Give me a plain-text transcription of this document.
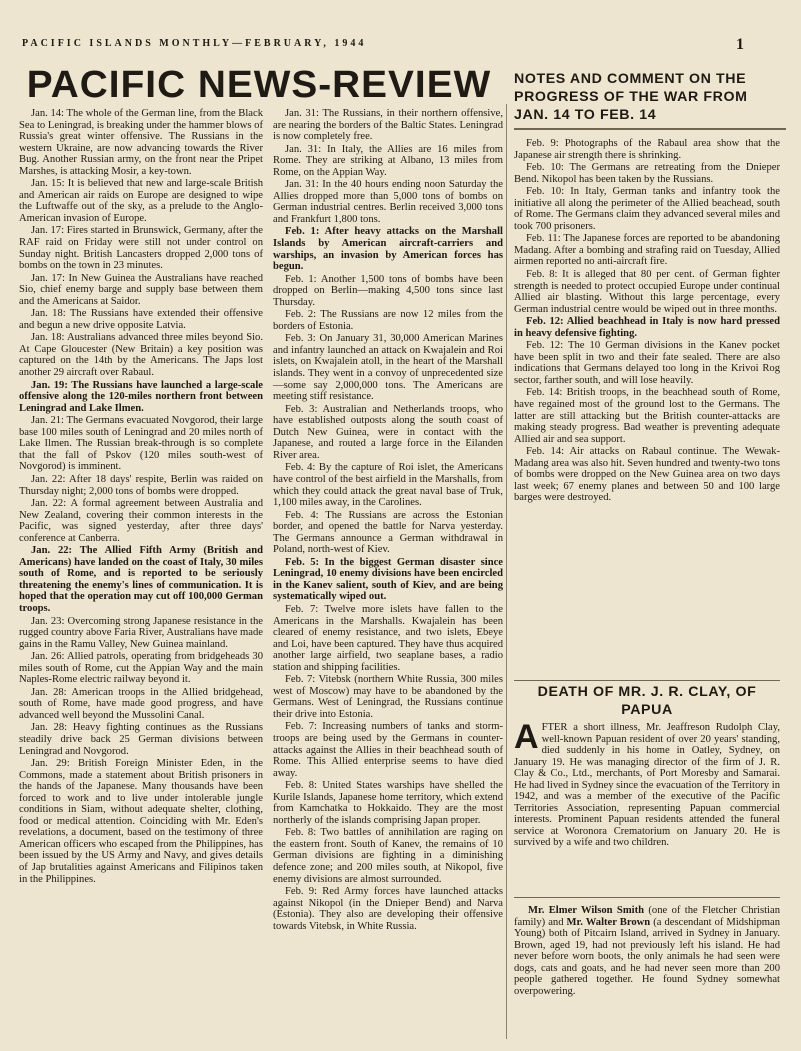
PACIFIC ISLANDS MONTHLY—FEBRUARY, 1944	1
PACIFIC NEWS-REVIEW	NOTES AND COMMENT ON THE PROGRESS OF THE WAR FROM JAN. 14 TO FEB. 14

Jan. 14: The whole of the German line, from the Black Sea to Leningrad, is breaking under the hammer blows of Russia's great winter offensive. The Russians in the western Ukraine, are now advancing towards the River Bug. Another Russian army, on the front near the Pripet Marshes, is attacking Mosir, a key-town.

Jan. 15: It is believed that new and large-scale British and American air raids on Europe are designed to wipe the Luftwaffe out of the sky, as a prelude to the Anglo-American invasion of Europe.

Jan. 17: Fires started in Brunswick, Germany, after the RAF raid on Friday were still not under control on Sunday night. British Lancasters dropped 2,000 tons of bombs on the town in 23 minutes.

Jan. 17: In New Guinea the Australians have reached Sio, chief enemy barge and supply base between them and the Americans at Saidor.

Jan. 18: The Russians have extended their offensive and begun a new drive opposite Latvia.

Jan. 18: Australians advanced three miles beyond Sio. At Cape Gloucester (New Britain) a key position was captured on the 14th by the Americans. The Japs lost another 29 aircraft over Rabaul.

Jan. 19: The Russians have launched a large-scale offensive along the 120-miles northern front between Leningrad and Lake Ilmen.

Jan. 21: The Germans evacuated Novgorod, their large base 100 miles south of Leningrad and 20 miles north of Lake Ilmen. The Russian break-through is so complete that the fall of Pskov (120 miles south-west of Novgorod) is imminent.

Jan. 22: After 18 days' respite, Berlin was raided on Thursday night; 2,000 tons of bombs were dropped.

Jan. 22: A formal agreement between Australia and New Zealand, covering their common interests in the Pacific, was signed yesterday, after three days' conference at Canberra.

Jan. 22: The Allied Fifth Army (British and Americans) have landed on the coast of Italy, 30 miles south of Rome, and is reported to be seriously threatening the enemy's lines of communication. It is hoped that the operation may cut off 100,000 German troops.

Jan. 23: Overcoming strong Japanese resistance in the rugged country above Faria River, Australians have made gains in the Ramu Valley, New Guinea mainland.

Jan. 26: Allied patrols, operating from bridgeheads 30 miles south of Rome, cut the Appian Way and the main Naples-Rome electric railway beyond it.

Jan. 28: American troops in the Allied bridgehead, south of Rome, have made good progress, and have advanced well beyond the Mussolini Canal.

Jan. 28: Heavy fighting continues as the Russians steadily drive back 25 German divisions between Leningrad and Novgorod.

Jan. 29: British Foreign Minister Eden, in the Commons, made a statement about British prisoners in the hands of the Japanese. Many thousands have been forced to work and to live under intolerable jungle conditions in Siam, without adequate shelter, clothing, food or medical attention. Coinciding with Mr. Eden's revelations, a document, based on the testimony of three American officers who escaped from the Philippines, has been issued by the US Army and Navy, and gives details of Jap brutalities against Americans and Filipinos taken in the Philippines.

Jan. 31: The Russians, in their northern offensive, are nearing the borders of the Baltic States. Leningrad is now completely free.

Jan. 31: In Italy, the Allies are 16 miles from Rome. They are striking at Albano, 13 miles from Rome, on the Appian Way.

Jan. 31: In the 40 hours ending noon Saturday the Allies dropped more than 5,000 tons of bombs on German industrial centres. Berlin received 3,000 tons and Frankfurt 1,800 tons.

Feb. 1: After heavy attacks on the Marshall Islands by American aircraft-carriers and warships, an invasion by American forces has begun.

Feb. 1: Another 1,500 tons of bombs have been dropped on Berlin—making 4,500 tons since last Thursday.

Feb. 2: The Russians are now 12 miles from the borders of Estonia.

Feb. 3: On January 31, 30,000 American Marines and infantry launched an attack on Kwajalein and Roi islets, on Kwajalein atoll, in the heart of the Marshall islands. They went in a convoy of unprecedented size—some say 2,000,000 tons. The Americans are meeting stiff resistance.

Feb. 3: Australian and Netherlands troops, who have established outposts along the south coast of Dutch New Guinea, were in contact with the Japanese, and routed a large force in the Eilanden River area.

Feb. 4: By the capture of Roi islet, the Americans have control of the best airfield in the Marshalls, from which they could attack the great naval base of Truk, 1,100 miles away, in the Carolines.

Feb. 4: The Russians are across the Estonian border, and opened the battle for Narva yesterday. The Germans announce a German withdrawal in Poland, north-west of Kiev.

Feb. 5: In the biggest German disaster since Leningrad, 10 enemy divisions have been encircled in the Kanev salient, south of Kiev, and are being systematically wiped out.

Feb. 7: Twelve more islets have fallen to the Americans in the Marshalls. Kwajalein has been cleared of enemy resistance, and two islets, Ebeye and Loi, have been captured. They have thus acquired another large airfield, two seaplane bases, a radio station and shipping facilities.

Feb. 7: Vitebsk (northern White Russia, 300 miles west of Moscow) may have to be abandoned by the Germans. West of Leningrad, the Russians continue their drive into Estonia.

Feb. 7: Increasing numbers of tanks and storm-troops are being used by the Germans in counter-attacks against the Allies in their beachhead south of Rome. This Allied enterprise seems to have died away.

Feb. 8: United States warships have shelled the Kurile Islands, Japanese home territory, which extend from Kamchatka to Hokkaido. They are the most northerly of the islands comprising Japan proper.

Feb. 8: Two battles of annihilation are raging on the eastern front. South of Kanev, the remains of 10 German divisions are fighting in a diminishing defence zone; and 200 miles south, at Nikopol, five enemy divisions are almost surrounded.

Feb. 9: Red Army forces have launched attacks against Nikopol (in the Dnieper Bend) and Narva (Estonia). They also are developing their offensive towards Vitebsk, in White Russia.

Feb. 9: Photographs of the Rabaul area show that the Japanese air strength there is shrinking.

Feb. 10: The Germans are retreating from the Dnieper Bend. Nikopol has been taken by the Russians.

Feb. 10: In Italy, German tanks and infantry took the initiative all along the perimeter of the Allied beachead, south of Rome. The Germans claim they advanced several miles and took 700 prisoners.

Feb. 11: The Japanese forces are reported to be abandoning Madang. After a bombing and strafing raid on Tuesday, Allied airmen reported no anti-aircraft fire.

Feb. 8: It is alleged that 80 per cent. of German fighter strength is needed to protect occupied Europe under continual Allied air blasting. Without this large percentage, every German industrial centre would be wiped out in three months.

Feb. 12: Allied beachhead in Italy is now hard pressed in heavy defensive fighting.

Feb. 12: The 10 German divisions in the Kanev pocket have been split in two and their fate sealed. There are also indications that Germans delayed too long in the Krivoi Rog sector, farther south, and will lose heavily.

Feb. 14: British troops, in the beachhead south of Rome, have regained most of the ground lost to the Germans. The latter are still attacking but the British counter-attacks are making steady progress. Bad weather is preventing adequate Allied air and sea support.

Feb. 14: Air attacks on Rabaul continue. The Wewak-Madang area was also hit. Seven hundred and twenty-two tons of bombs were dropped on the New Guinea area on two days last week; 67 enemy planes and between 50 and 100 large barges were destroyed.

DEATH OF MR. J. R. CLAY, OF PAPUA
AFTER a short illness, Mr. Jeaffreson Rudolph Clay, well-known Papuan resident of over 20 years' standing, died suddenly in his home in Oatley, Sydney, on January 19. He was managing director of the firm of J. R. Clay & Co., Ltd., merchants, of Port Moresby and Samarai. He had lived in Sydney since the evacuation of the Territory in 1942, and was a member of the executive of the Pacific Territories Association, representing Papuan commercial interests. Prominent Papuan residents attended the funeral service at Woronora Crematorium on January 20. He is survived by a wife and two children.
Mr. Elmer Wilson Smith (one of the Fletcher Christian family) and Mr. Walter Brown (a descendant of Midshipman Young) both of Pitcairn Island, arrived in Sydney in January. Brown, aged 19, had not previously left his island. He had never before worn boots, the only animals he had seen were dogs, cats and goats, and he had never seen more than 200 people gathered together. He found Sydney somewhat overpowering.
